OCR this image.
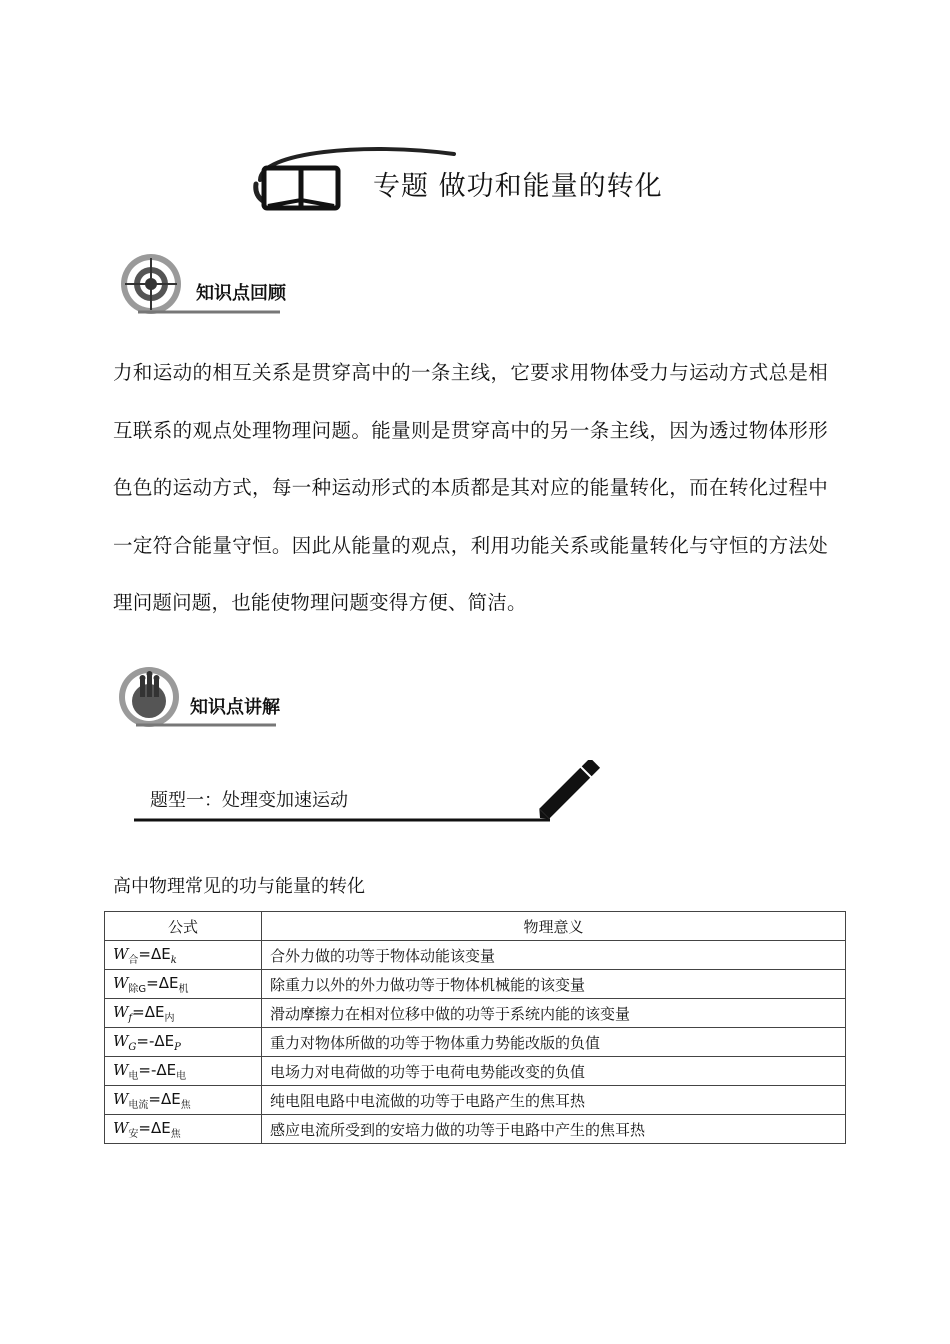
专题 做功和能量的转化
知识点回顾
力和运动的相互关系是贯穿高中的一条主线，它要求用物体受力与运动方式总是相互联系的观点处理物理问题。能量则是贯穿高中的另一条主线，因为透过物体形形色色的运动方式，每一种运动形式的本质都是其对应的能量转化，而在转化过程中一定符合能量守恒。因此从能量的观点，利用功能关系或能量转化与守恒的方法处理问题问题，也能使物理问题变得方便、简洁。
知识点讲解
题型一：处理变加速运动
高中物理常见的功与能量的转化
公式	物理意义
$W_合=\Delta E_k$	合外力做的功等于物体动能该变量
$W_{除G}=\Delta E_机$	除重力以外的外力做功等于物体机械能的该变量
$W_f=\Delta E_内$	滑动摩擦力在相对位移中做的功等于系统内能的该变量
$W_G=-\Delta E_P$	重力对物体所做的功等于物体重力势能改版的负值
$W_电=-\Delta E_电$	电场力对电荷做的功等于电荷电势能改变的负值
$W_{电流}=\Delta E_焦$	纯电阻电路中电流做的功等于电路产生的焦耳热
$W_安=\Delta E_焦$	感应电流所受到的安培力做的功等于电路中产生的焦耳热
